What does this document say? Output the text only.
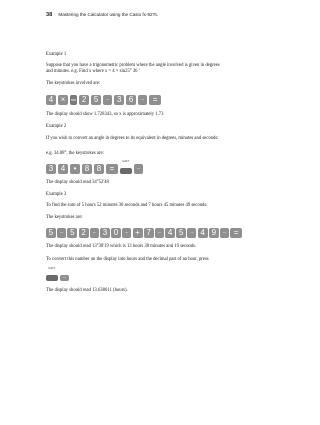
38 Mastering the Calculator using the Casio fx-82TL
Example 1
Suppose that you have a trigonometric problem where the angle involved is given in degrees
and minutes. e.g. Find x where x = 4 × sin25° 36 '
The keystrokes involved are:
4 ×	sin 2 5	°'" 3 6	°'"	=
The display should show 1.728343, so x is approximately 1.73
Example 2
If you wish to convert an angle in degrees to its equivalent in degrees, minutes and seconds:
e.g. 34.88°, the keystrokes are:
3 4	•	8 8	=
SHIFT
°'"
The display should read 34°52'48
Example 3
To find the sum of 5 hours 52 minutes 30 seconds and 7 hours 45 minutes 49 seconds:
The keystrokes are:
5	°'" 5 2	°'" 3 0	°'" + 7	°'" 4 5	°'" 4 9	°'" =
The display should read 13°38'19 which is 13 hours 38 minutes and 19 seconds.
To convert this number on the display into hours and the decimal part of an hour, press
SHIFT
°'"
The display should read 13.638611 (hours).
